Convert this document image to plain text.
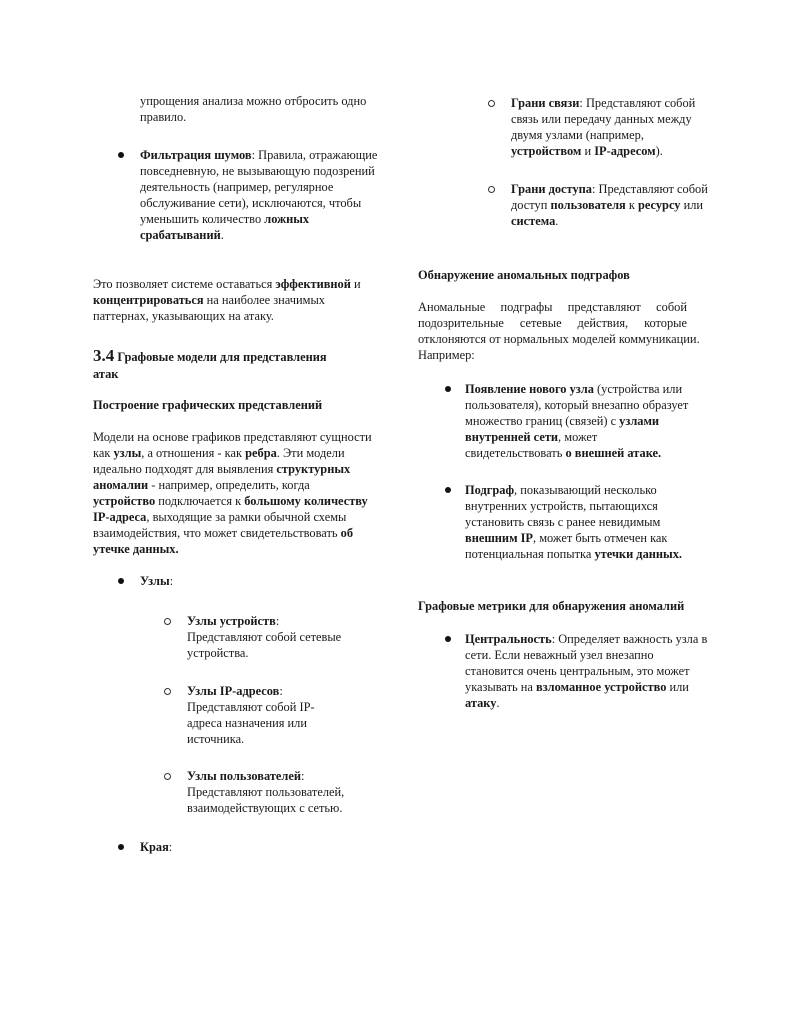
упрощения анализа можно отбросить одно
правило.
Фильтрация шумов: Правила, отражающие
повседневную, не вызывающую подозрений
деятельность (например, регулярное
обслуживание сети), исключаются, чтобы
уменьшить количество ложных
срабатываний.
Это позволяет системе оставаться эффективной и
концентрироваться на наиболее значимых
паттернах, указывающих на атаку.
3.4 Графовые модели для представления
атак
Построение графических представлений
Модели на основе графиков представляют сущности
как узлы, а отношения - как ребра. Эти модели
идеально подходят для выявления структурных
аномалии - например, определить, когда
устройство подключается к большому количеству
IP-адреса, выходящие за рамки обычной схемы
взаимодействия, что может свидетельствовать об
утечке данных.
Узлы:
Узлы устройств:
Представляют собой сетевые
устройства.
Узлы IP-адресов:
Представляют собой IP-
адреса назначения или
источника.
Узлы пользователей:
Представляют пользователей,
взаимодействующих с сетью.
Края:
Грани связи: Представляют собой
связь или передачу данных между
двумя узлами (например,
устройством и IP-адресом).
Грани доступа: Представляют собой
доступ пользователя к ресурсу или
система.
Обнаружение аномальных подграфов
Аномальные подграфы представляют собой
подозрительные сетевые действия, которые
отклоняются от нормальных моделей коммуникации.
Например:
Появление нового узла (устройства или
пользователя), который внезапно образует
множество границ (связей) с узлами
внутренней сети, может
свидетельствовать о внешней атаке.
Подграф, показывающий несколько
внутренних устройств, пытающихся
установить связь с ранее невидимым
внешним IP, может быть отмечен как
потенциальная попытка утечки данных.
Графовые метрики для обнаружения аномалий
Центральность: Определяет важность узла в
сети. Если неважный узел внезапно
становится очень центральным, это может
указывать на взломанное устройство или
атаку.
